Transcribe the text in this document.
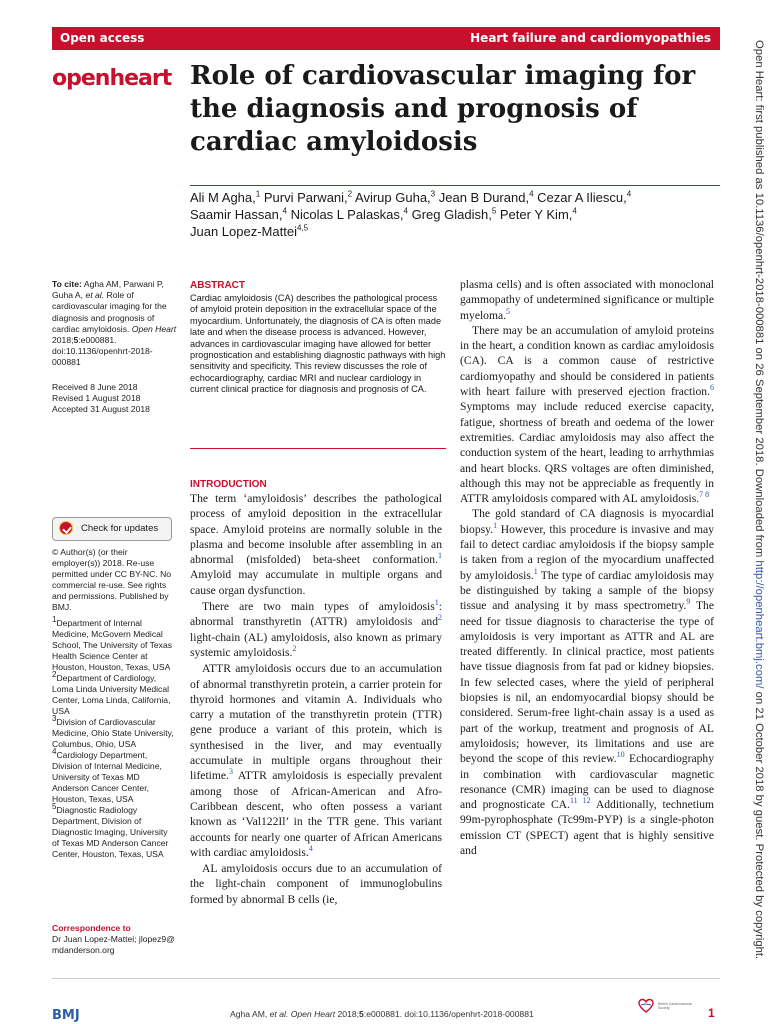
Open access	Heart failure and cardiomyopathies
openheart Role of cardiovascular imaging for the diagnosis and prognosis of cardiac amyloidosis

Ali M Agha,$^1$ Purvi Parwani,$^2$ Avirup Guha,$^3$ Jean B Durand,$^4$ Cezar A Iliescu,$^4$
Saamir Hassan,$^4$ Nicolas L Palaskas,$^4$ Greg Gladish,$^5$ Peter Y Kim,$^4$
Juan Lopez-Mattei$^{4,5}$

To cite: Agha AM, Parwani P, Guha A, et al. Role of cardiovascular imaging for the diagnosis and prognosis of cardiac amyloidosis. Open Heart 2018;5:e000881. doi:10.1136/openhrt-2018-000881

Received 8 June 2018

Revised 1 August 2018

Accepted 31 August 2018

Check for updates

© Author(s) (or their employer(s)) 2018. Re-use permitted under CC BY-NC. No commercial re-use. See rights and permissions. Published by BMJ.

$^1$Department of Internal Medicine, McGovern Medical School, The University of Texas Health Science Center at Houston, Houston, Texas, USA

$^2$Department of Cardiology, Loma Linda University Medical Center, Loma Linda, California, USA

$^3$Division of Cardiovascular Medicine, Ohio State University, Columbus, Ohio, USA

$^4$Cardiology Department, Division of Internal Medicine, University of Texas MD Anderson Cancer Center, Houston, Texas, USA

$^5$Diagnostic Radiology Department, Division of Diagnostic Imaging, University of Texas MD Anderson Cancer Center, Houston, Texas, USA

Correspondence to

Dr Juan Lopez-Mattei; jlopez9@ mdanderson.org

ABSTRACT

Cardiac amyloidosis (CA) describes the pathological process of amyloid protein deposition in the extracellular space of the myocardium. Unfortunately, the diagnosis of CA is often made late and when the disease process is advanced. However, advances in cardiovascular imaging have allowed for better prognostication and establishing diagnostic pathways with high sensitivity and specificity. This review discusses the role of echocardiography, cardiac MRI and nuclear cardiology in current clinical practice for diagnosis and prognosis of CA.

INTRODUCTION

The term ‘amyloidosis’ describes the pathological process of amyloid deposition in the extracellular space. Amyloid proteins are normally soluble in the plasma and become insoluble after assembling in an abnormal (misfolded) beta-sheet conformation.$^1$ Amyloid may accumulate in multiple organs and cause organ dysfunction.

There are two main types of amyloidosis$^1$: abnormal transthyretin (ATTR) amyloidosis and$^2$ light-chain (AL) amyloidosis, also known as primary systemic amyloidosis.$^2$

ATTR amyloidosis occurs due to an accumulation of abnormal transthyretin protein, a carrier protein for thyroid hormones and vitamin A. Individuals who carry a mutation of the transthyretin protein (TTR) gene produce a variant of this protein, which is synthesised in the liver, and may eventually accumulate in multiple organs throughout their lifetime.$^3$ ATTR amyloidosis is especially prevalent among those of African-American and Afro-Caribbean descent, who often possess a variant known as ‘Val122Il’ in the TTR gene. This variant accounts for nearly one quarter of African Americans with cardiac amyloidosis.$^4$

AL amyloidosis occurs due to an accumulation of the light-chain component of immunoglobulins formed by abnormal B cells (ie,

plasma cells) and is often associated with monoclonal gammopathy of undetermined significance or multiple myeloma.$^5$

There may be an accumulation of amyloid proteins in the heart, a condition known as cardiac amyloidosis (CA). CA is a common cause of restrictive cardiomyopathy and should be considered in patients with heart failure with preserved ejection fraction.$^6$ Symptoms may include reduced exercise capacity, fatigue, shortness of breath and oedema of the lower extremities. Cardiac amyloidosis may also affect the conduction system of the heart, leading to arrhythmias and heart blocks. QRS voltages are often diminished, although this may not be appreciable as frequently in ATTR amyloidosis compared with AL amyloidosis.$^{7 8}$

The gold standard of CA diagnosis is myocardial biopsy.$^1$ However, this procedure is invasive and may fail to detect cardiac amyloidosis if the biopsy sample is taken from a region of the myocardium unaffected by amyloidosis.$^1$ The type of cardiac amyloidosis may be distinguished by taking a sample of the biopsy tissue and analysing it by mass spectrometry.$^9$ The need for tissue diagnosis to characterise the type of amyloidosis is very important as ATTR and AL are treated differently. In clinical practice, most patients have tissue diagnosis from fat pad or kidney biopsies. In few selected cases, where the yield of peripheral biopsies is nil, an endomyocardial biopsy should be considered. Serum-free light-chain assay is a used as part of the workup, treatment and prognosis of AL amyloidosis; however, its limitations and use are beyond the scope of this review.$^{10}$ Echocardiography in combination with cardiovascular magnetic resonance (CMR) imaging can be used to diagnose and prognosticate CA.$^{11 12}$ Additionally, technetium 99m-pyrophosphate (Tc99m-PYP) is a single-photon emission CT (SPECT) agent that is highly sensitive and

BMJ	Agha AM, et al. Open Heart 2018;5:e000881. doi:10.1136/openhrt-2018-000881
British Cardiovascular Society	1
Open Heart: first published as 10.1136/openhrt-2018-000881 on 26 September 2018. Downloaded from http://openheart.bmj.com/ on 21 October 2018 by guest. Protected by copyright.
